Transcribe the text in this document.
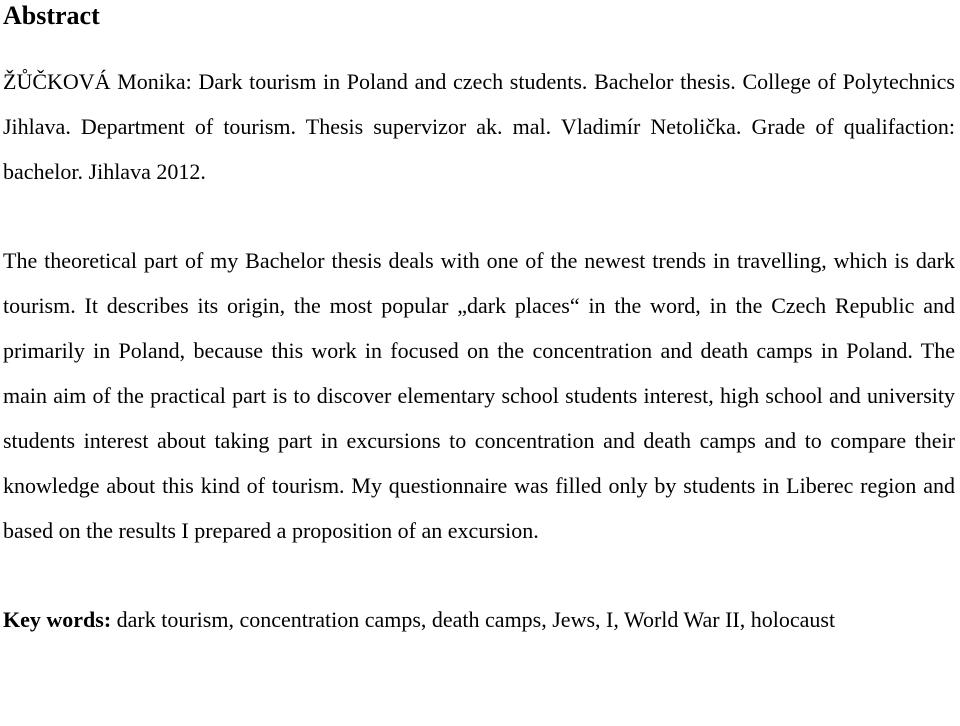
Abstract

ŽŮČKOVÁ Monika: Dark tourism in Poland and czech students. Bachelor thesis. College of Polytechnics Jihlava. Department of tourism. Thesis supervizor ak. mal. Vladimír Netolička. Grade of qualifaction: bachelor. Jihlava 2012.

The theoretical part of my Bachelor thesis deals with one of the newest trends in travelling, which is dark tourism. It describes its origin, the most popular „dark places“ in the word, in the Czech Republic and primarily in Poland, because this work in focused on the concentration and death camps in Poland. The main aim of the practical part is to discover elementary school students interest, high school and university students interest about taking part in excursions to concentration and death camps and to compare their knowledge about this kind of tourism. My questionnaire was filled only by students in Liberec region and based on the results I prepared a proposition of an excursion.

Key words: dark tourism, concentration camps, death camps, Jews, I, World War II, holocaust
